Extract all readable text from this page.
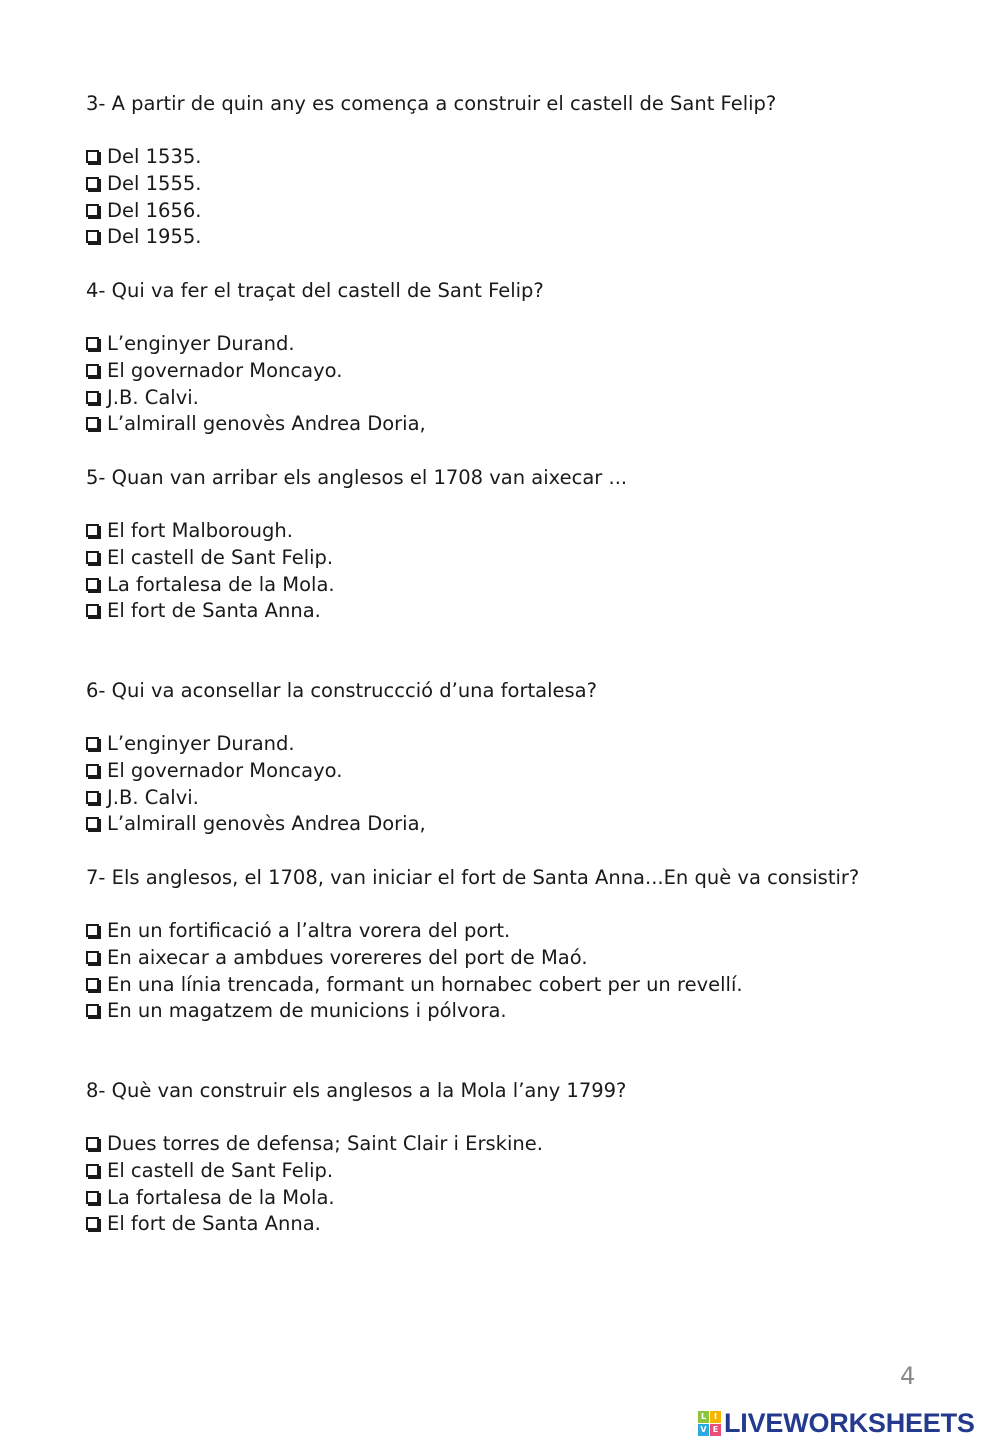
3- A partir de quin any es comença a construir el castell de Sant Felip?

Del 1535.
Del 1555.
Del 1656.
Del 1955.

4- Qui va fer el traçat del castell de Sant Felip?

L’enginyer Durand.
El governador Moncayo.
J.B. Calvi.
L’almirall genovès Andrea Doria,

5- Quan van arribar els anglesos el 1708 van aixecar ...

El fort Malborough.
El castell de Sant Felip.
La fortalesa de la Mola.
El fort de Santa Anna.

6- Qui va aconsellar la construccció d’una fortalesa?

L’enginyer Durand.
El governador Moncayo.
J.B. Calvi.
L’almirall genovès Andrea Doria,

7- Els anglesos, el 1708, van iniciar el fort de Santa Anna...En què va consistir?

En un fortificació a l’altra vorera del port.
En aixecar a ambdues vorereres del port de Maó.
En una línia trencada, formant un hornabec cobert per un revellí.
En un magatzem de municions i pólvora.

8- Què van construir els anglesos a la Mola l’any 1799?

Dues torres de defensa; Saint Clair i Erskine.
El castell de Sant Felip.
La fortalesa de la Mola.
El fort de Santa Anna.
4
L I
V E LIVEWORKSHEETS
